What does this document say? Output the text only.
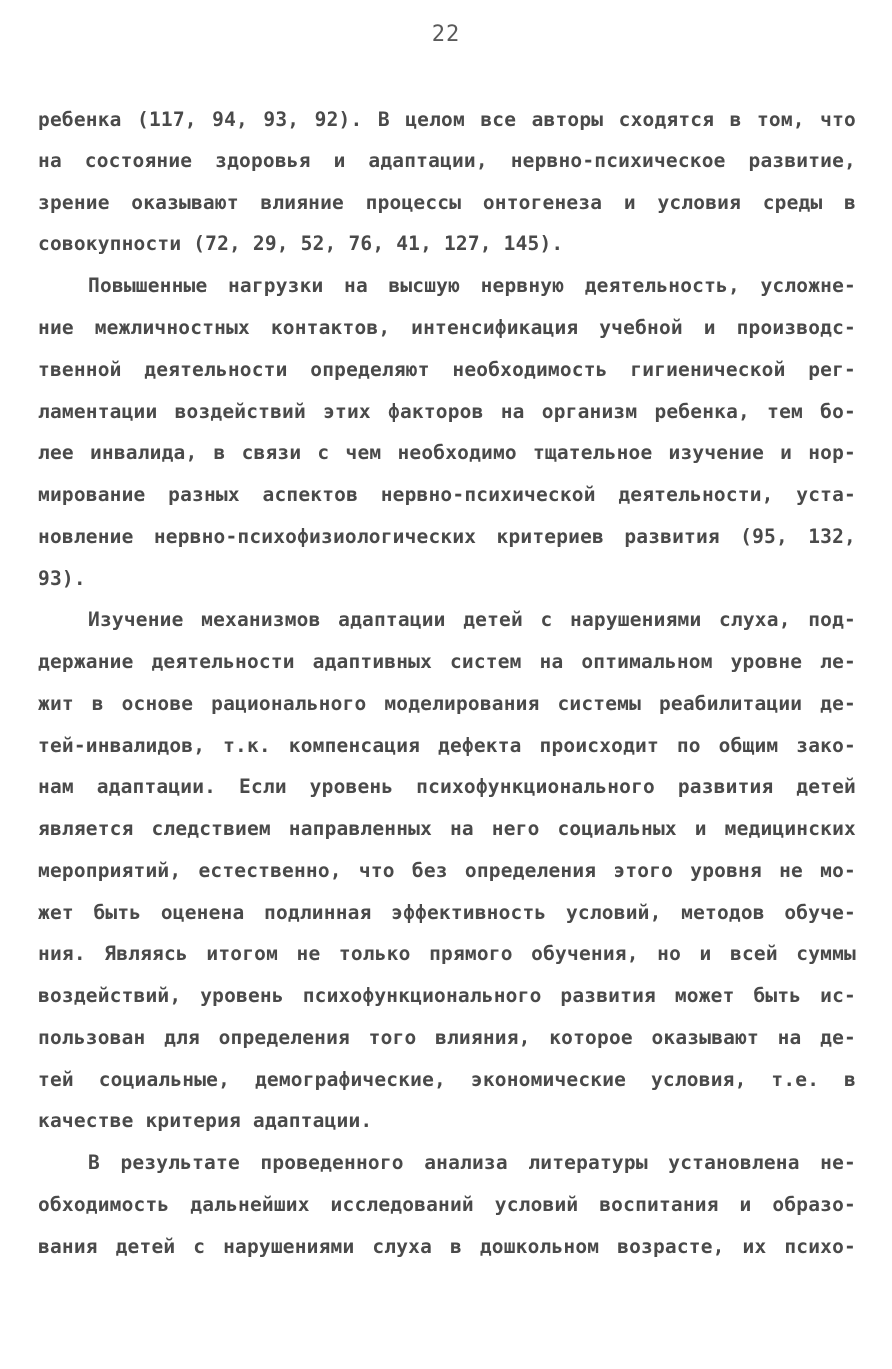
22
ребенка (117, 94, 93, 92). В целом все авторы сходятся в том, что
на состояние здоровья и адаптации, нервно-психическое развитие,
зрение оказывают влияние процессы онтогенеза и условия среды в
совокупности (72, 29, 52, 76, 41, 127, 145).
Повышенные нагрузки на высшую нервную деятельность, усложне-
ние межличностных контактов, интенсификация учебной и производс-
твенной деятельности определяют необходимость гигиенической рег-
ламентации воздействий этих факторов на организм ребенка, тем бо-
лее инвалида, в связи с чем необходимо тщательное изучение и нор-
мирование разных аспектов нервно-психической деятельности, уста-
новление нервно-психофизиологических критериев развития (95, 132,
93).
Изучение механизмов адаптации детей с нарушениями слуха, под-
держание деятельности адаптивных систем на оптимальном уровне ле-
жит в основе рационального моделирования системы реабилитации де-
тей-инвалидов, т.к. компенсация дефекта происходит по общим зако-
нам адаптации. Если уровень психофункционального развития детей
является следствием направленных на него социальных и медицинских
мероприятий, естественно, что без определения этого уровня не мо-
жет быть оценена подлинная эффективность условий, методов обуче-
ния. Являясь итогом не только прямого обучения, но и всей суммы
воздействий, уровень психофункционального развития может быть ис-
пользован для определения того влияния, которое оказывают на де-
тей социальные, демографические, экономические условия, т.е. в
качестве критерия адаптации.
В результате проведенного анализа литературы установлена не-
обходимость дальнейших исследований условий воспитания и образо-
вания детей с нарушениями слуха в дошкольном возрасте, их психо-
